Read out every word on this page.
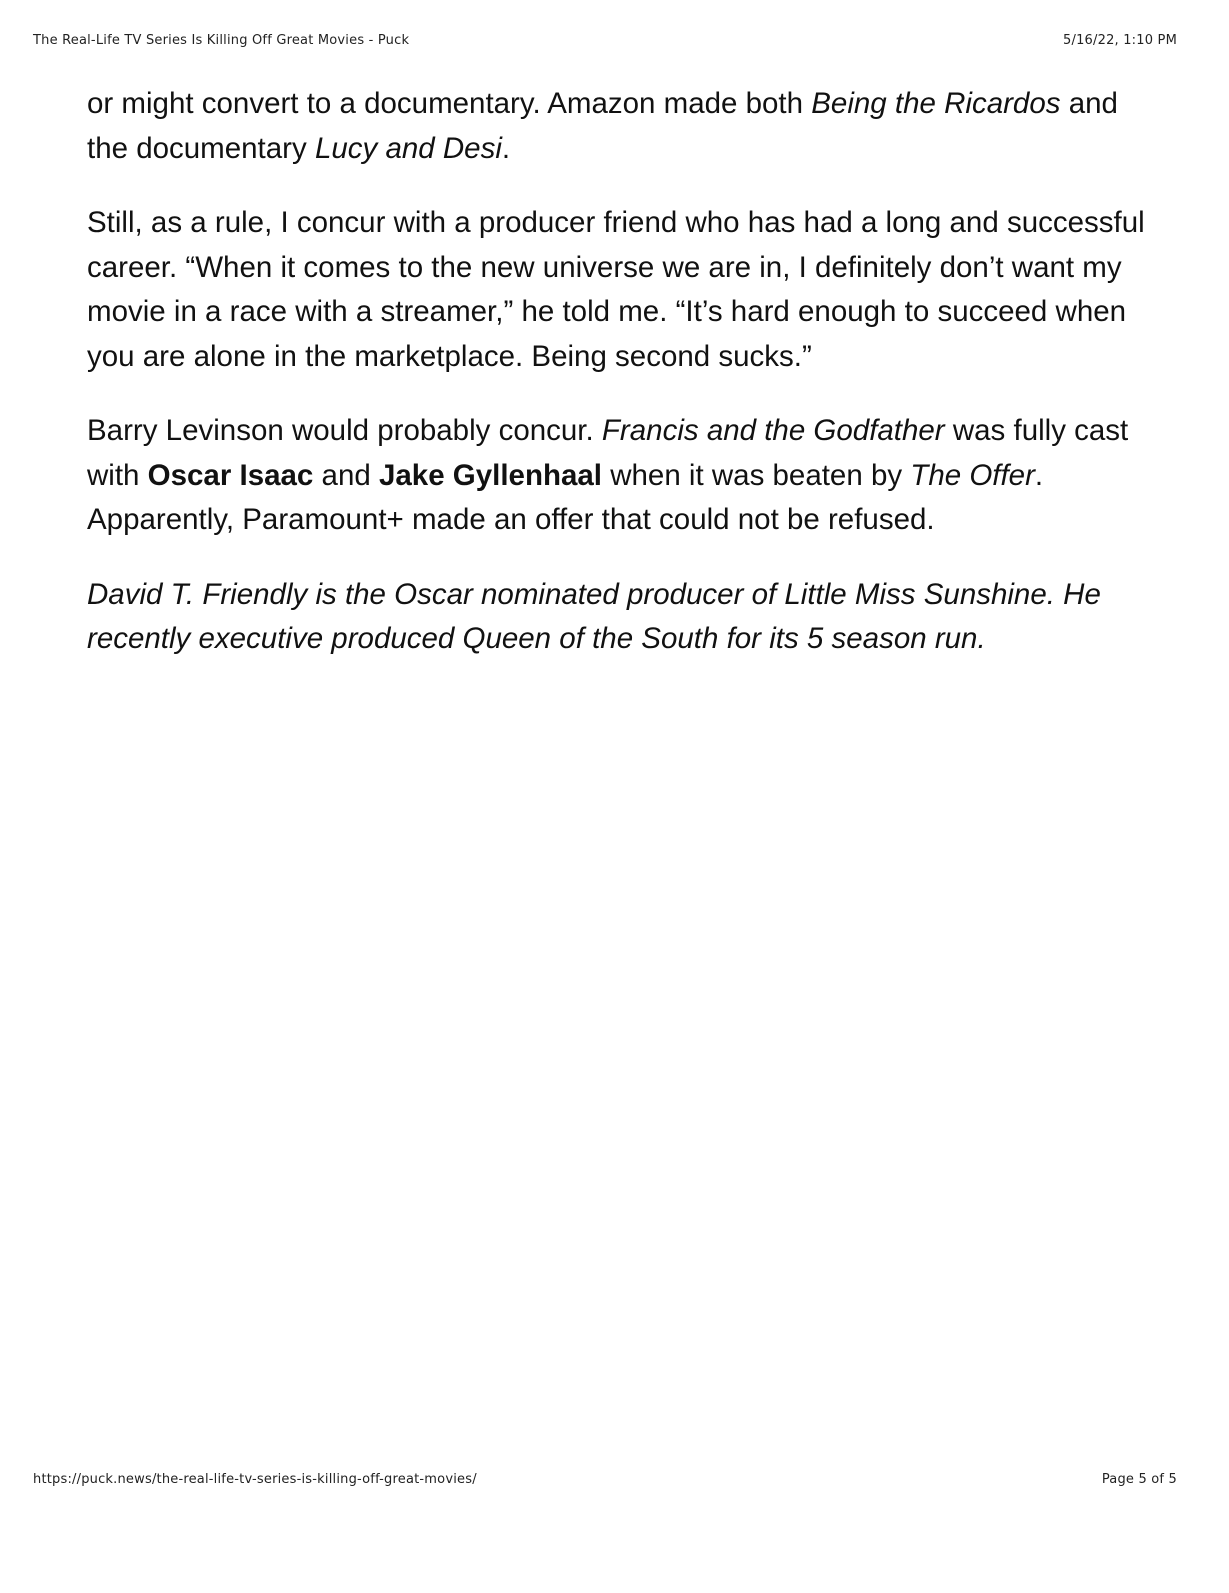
The Real-Life TV Series Is Killing Off Great Movies - Puck	5/16/22, 1:10 PM

or might convert to a documentary. Amazon made both Being the Ricardos and the documentary Lucy and Desi.

Still, as a rule, I concur with a producer friend who has had a long and successful career. “When it comes to the new universe we are in, I definitely don’t want my movie in a race with a streamer,” he told me. “It’s hard enough to succeed when you are alone in the marketplace. Being second sucks.”

Barry Levinson would probably concur. Francis and the Godfather was fully cast with Oscar Isaac and Jake Gyllenhaal when it was beaten by The Offer. Apparently, Paramount+ made an offer that could not be refused.

David T. Friendly is the Oscar nominated producer of Little Miss Sunshine. He recently executive produced Queen of the South for its 5 season run.

https://puck.news/the-real-life-tv-series-is-killing-off-great-movies/	Page 5 of 5
